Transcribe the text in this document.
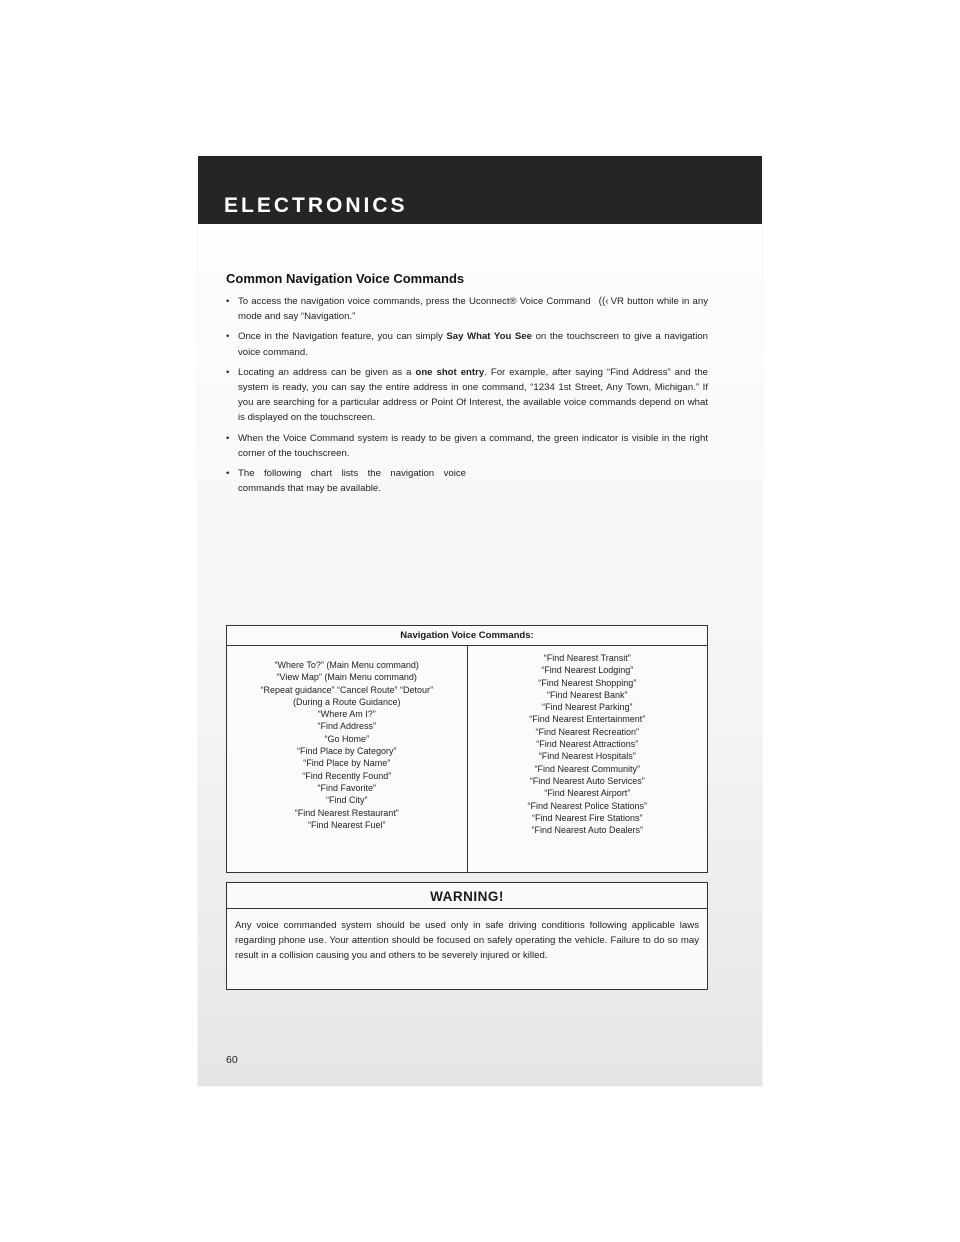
ELECTRONICS
Common Navigation Voice Commands
• To access the navigation voice commands, press the Uconnect® Voice Command ((‹ VR button while in any mode and say “Navigation.”
• Once in the Navigation feature, you can simply Say What You See on the touchscreen to give a navigation voice command.
• Locating an address can be given as a one shot entry. For example, after saying “Find Address” and the system is ready, you can say the entire address in one command, “1234 1st Street, Any Town, Michigan.” If you are searching for a particular address or Point Of Interest, the available voice commands depend on what is displayed on the touchscreen.
• When the Voice Command system is ready to be given a command, the green indicator is visible in the right corner of the touchscreen.
• The following chart lists the navigation voice commands that may be available.
Navigation Voice Commands:
“Where To?” (Main Menu command)
“View Map” (Main Menu command)
“Repeat guidance” “Cancel Route” “Detour”
(During a Route Guidance)
“Where Am I?”
“Find Address”
“Go Home”
“Find Place by Category”
“Find Place by Name”
“Find Recently Found”
“Find Favorite”
“Find City”
“Find Nearest Restaurant”
“Find Nearest Fuel”
“Find Nearest Transit”
“Find Nearest Lodging”
“Find Nearest Shopping”
“Find Nearest Bank”
“Find Nearest Parking”
“Find Nearest Entertainment”
“Find Nearest Recreation”
“Find Nearest Attractions”
“Find Nearest Hospitals”
“Find Nearest Community”
“Find Nearest Auto Services”
“Find Nearest Airport”
“Find Nearest Police Stations”
“Find Nearest Fire Stations”
“Find Nearest Auto Dealers”
WARNING!
Any voice commanded system should be used only in safe driving conditions following applicable laws regarding phone use. Your attention should be focused on safely operating the vehicle. Failure to do so may result in a collision causing you and others to be severely injured or killed.
60
